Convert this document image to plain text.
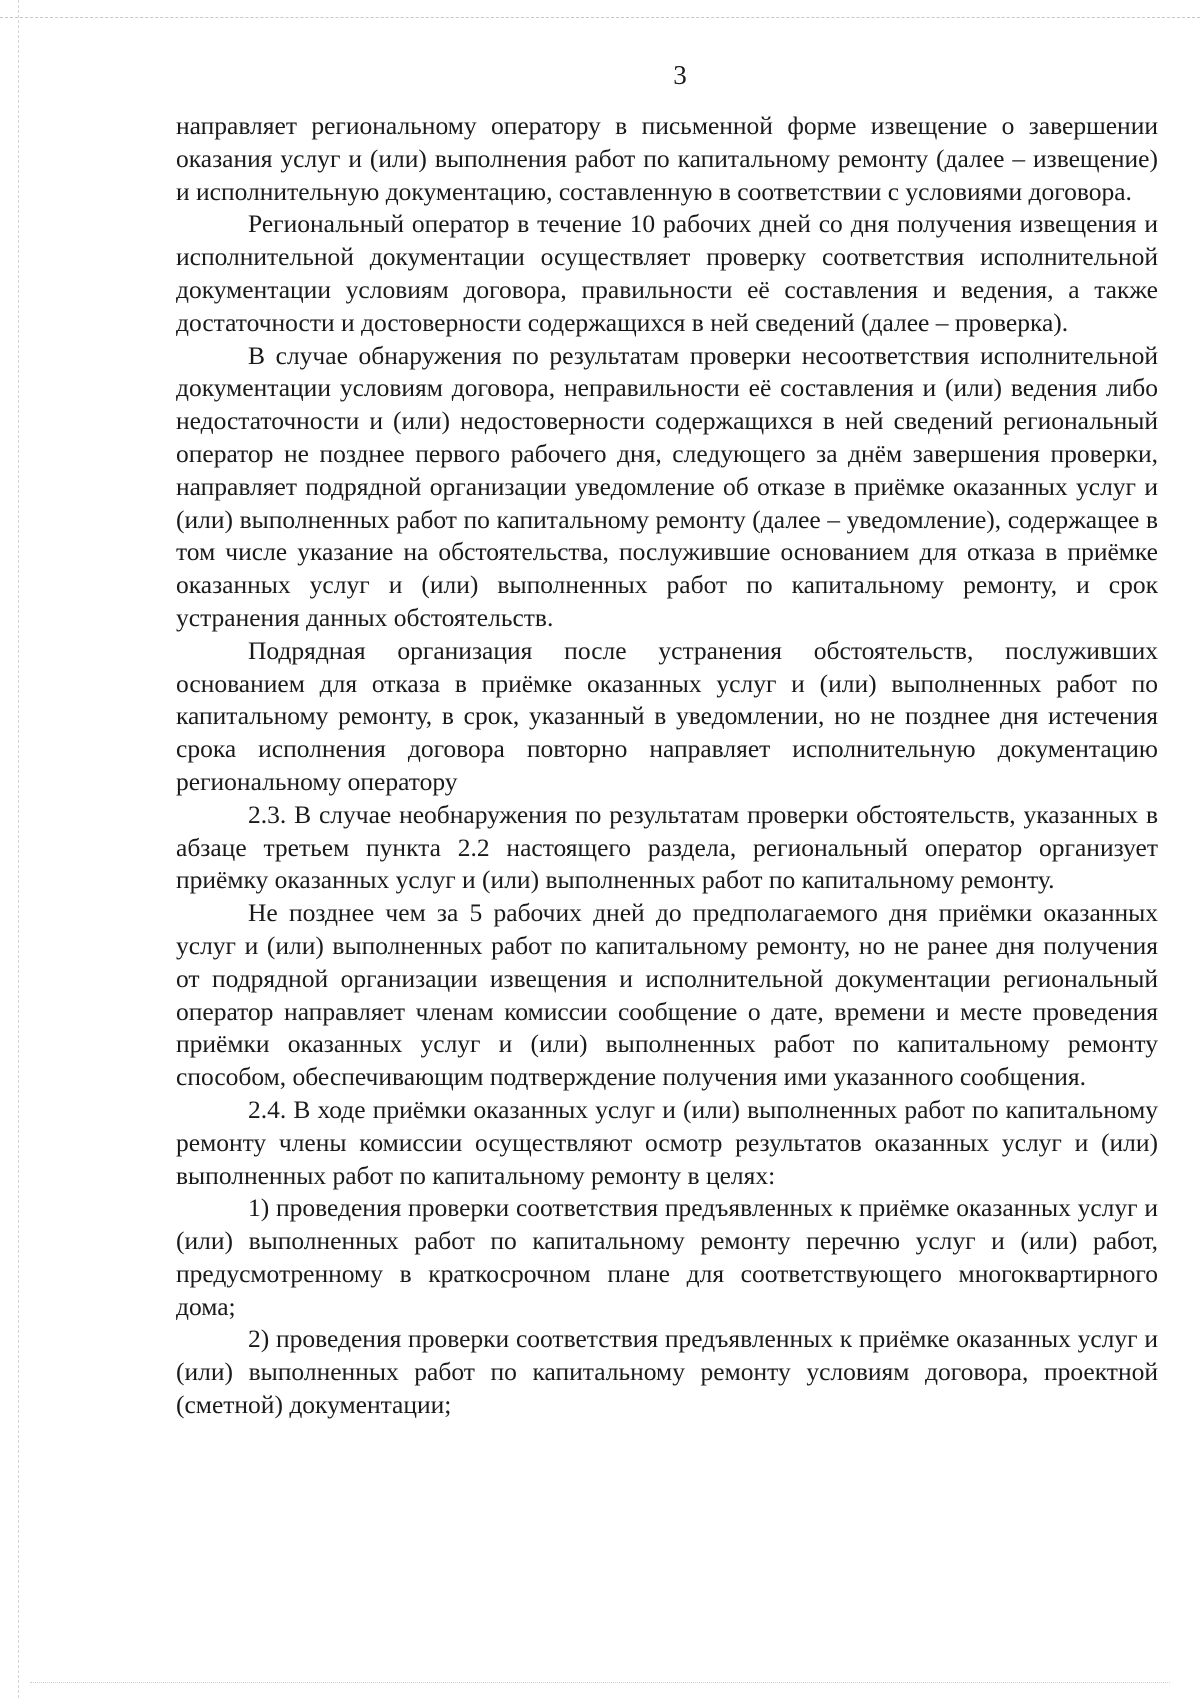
3

направляет региональному оператору в письменной форме извещение о завершении оказания услуг и (или) выполнения работ по капитальному ремонту (далее – извещение) и исполнительную документацию, составленную в соответствии с условиями договора.

Региональный оператор в течение 10 рабочих дней со дня получения извещения и исполнительной документации осуществляет проверку соответствия исполнительной документации условиям договора, правильности её составления и ведения, а также достаточности и достоверности содержащихся в ней сведений (далее – проверка).

В случае обнаружения по результатам проверки несоответствия исполнительной документации условиям договора, неправильности её составления и (или) ведения либо недостаточности и (или) недостоверности содержащихся в ней сведений региональный оператор не позднее первого рабочего дня, следующего за днём завершения проверки, направляет подрядной организации уведомление об отказе в приёмке оказанных услуг и (или) выполненных работ по капитальному ремонту (далее – уведомление), содержащее в том числе указание на обстоятельства, послужившие основанием для отказа в приёмке оказанных услуг и (или) выполненных работ по капитальному ремонту, и срок устранения данных обстоятельств.

Подрядная организация после устранения обстоятельств, послуживших основанием для отказа в приёмке оказанных услуг и (или) выполненных работ по капитальному ремонту, в срок, указанный в уведомлении, но не позднее дня истечения срока исполнения договора повторно направляет исполнительную документацию региональному оператору

2.3. В случае необнаружения по результатам проверки обстоятельств, указанных в абзаце третьем пункта 2.2 настоящего раздела, региональный оператор организует приёмку оказанных услуг и (или) выполненных работ по капитальному ремонту.

Не позднее чем за 5 рабочих дней до предполагаемого дня приёмки оказанных услуг и (или) выполненных работ по капитальному ремонту, но не ранее дня получения от подрядной организации извещения и исполнительной документации региональный оператор направляет членам комиссии сообщение о дате, времени и месте проведения приёмки оказанных услуг и (или) выполненных работ по капитальному ремонту способом, обеспечивающим подтверждение получения ими указанного сообщения.

2.4. В ходе приёмки оказанных услуг и (или) выполненных работ по капитальному ремонту члены комиссии осуществляют осмотр результатов оказанных услуг и (или) выполненных работ по капитальному ремонту в целях:

1) проведения проверки соответствия предъявленных к приёмке оказанных услуг и (или) выполненных работ по капитальному ремонту перечню услуг и (или) работ, предусмотренному в краткосрочном плане для соответствующего многоквартирного дома;

2) проведения проверки соответствия предъявленных к приёмке оказанных услуг и (или) выполненных работ по капитальному ремонту условиям договора, проектной (сметной) документации;
